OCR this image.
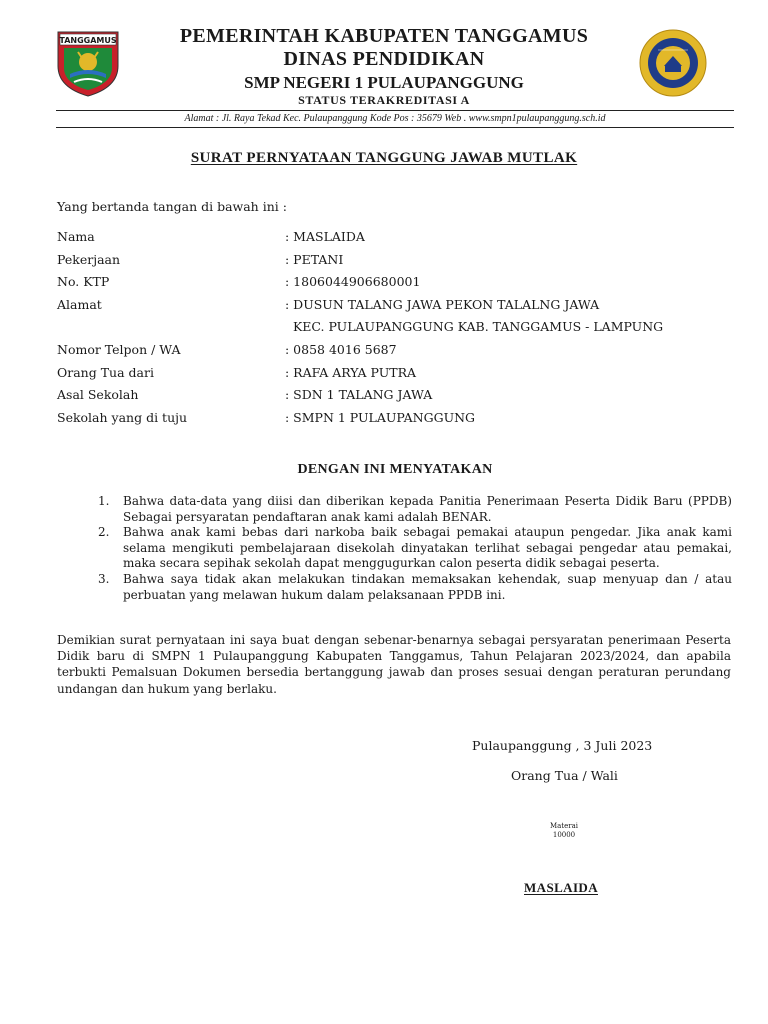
TANGGAMUS	PEMERINTAH KABUPATEN TANGGAMUS
DINAS PENDIDIKAN
SMP NEGERI 1 PULAUPANGGUNG
STATUS TERAKREDITASI A
Alamat : Jl. Raya Tekad Kec. Pulaupanggung Kode Pos : 35679 Web . www.smpn1pulaupanggung.sch.id
SURAT PERNYATAAN TANGGUNG JAWAB MUTLAK
Yang bertanda tangan di bawah ini :
Nama	: MASLAIDA
Pekerjaan	: PETANI
No. KTP	: 1806044906680001
Alamat	: DUSUN TALANG JAWA PEKON TALALNG JAWA
KEC. PULAUPANGGUNG KAB. TANGGAMUS - LAMPUNG
Nomor Telpon / WA	: 0858 4016 5687
Orang Tua dari	: RAFA ARYA PUTRA
Asal Sekolah	: SDN 1 TALANG JAWA
Sekolah yang di tuju	: SMPN 1 PULAUPANGGUNG
DENGAN INI MENYATAKAN
1. Bahwa data-data yang diisi dan diberikan kepada Panitia Penerimaan Peserta Didik Baru (PPDB) Sebagai persyaratan pendaftaran anak kami adalah BENAR.
2. Bahwa anak kami bebas dari narkoba baik sebagai pemakai ataupun pengedar. Jika anak kami selama mengikuti pembelajaraan disekolah dinyatakan terlihat sebagai pengedar atau pemakai, maka secara sepihak sekolah dapat menggugurkan calon peserta didik sebagai peserta.
3. Bahwa saya tidak akan melakukan tindakan memaksakan kehendak, suap menyuap dan / atau perbuatan yang melawan hukum dalam pelaksanaan PPDB ini.
Demikian surat pernyataan ini saya buat dengan sebenar-benarnya sebagai persyaratan penerimaan Peserta Didik baru di SMPN 1 Pulaupanggung Kabupaten Tanggamus, Tahun Pelajaran 2023/2024, dan apabila terbukti Pemalsuan Dokumen bersedia bertanggung jawab dan proses sesuai dengan peraturan perundang undangan dan hukum yang berlaku.
Pulaupanggung , 3 Juli 2023
Orang Tua / Wali
Materai
10000
MASLAIDA
